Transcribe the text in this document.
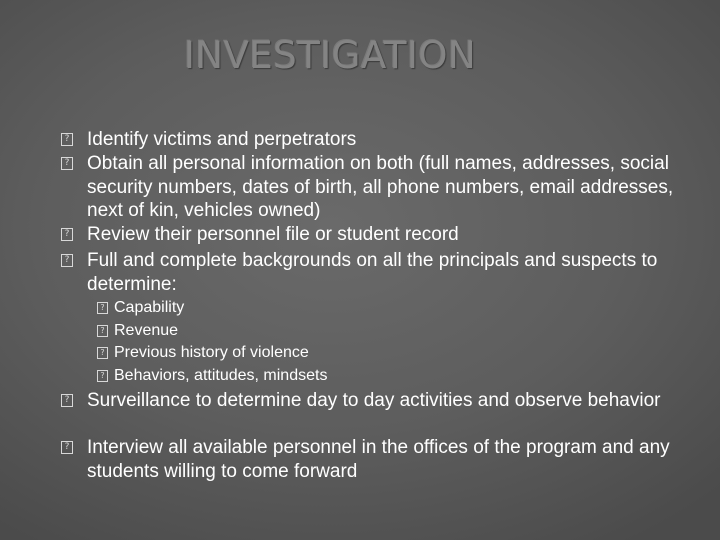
INVESTIGATION
? Identify victims and perpetrators
? Obtain all personal information on both (full names, addresses, social security numbers, dates of birth, all phone numbers, email addresses, next of kin, vehicles owned)
? Review their personnel file or student record
? Full and complete backgrounds on all the principals and suspects to determine:
? Capability
? Revenue
? Previous history of violence
? Behaviors, attitudes, mindsets
? Surveillance to determine day to day activities and observe behavior
? Interview all available personnel in the offices of the program and any students willing to come forward
